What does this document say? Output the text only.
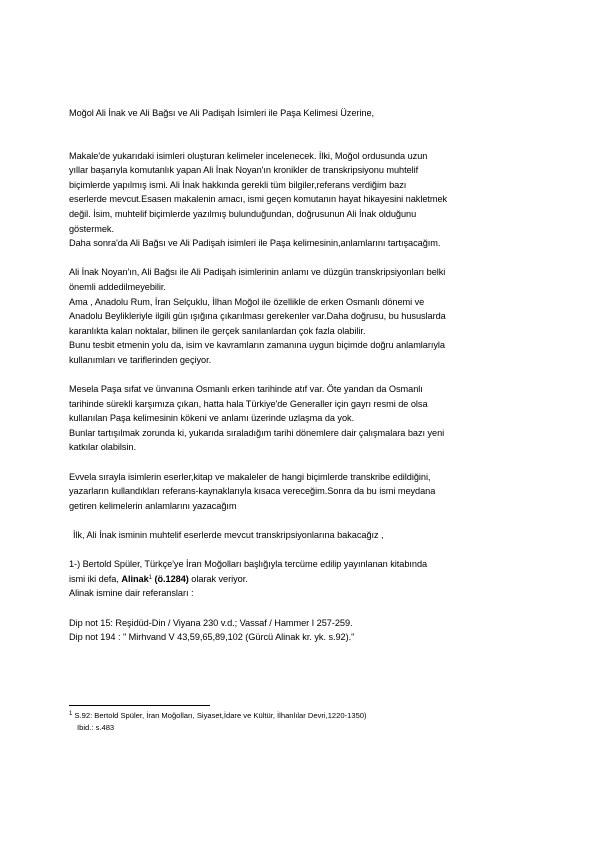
Moğol Ali İnak ve Ali Bağsı ve Ali Padişah İsimleri ile Paşa Kelimesi Üzerine,

Makale'de yukarıdaki isimleri oluşturan kelimeler incelenecek. İlki, Moğol ordusunda uzun

yıllar başarıyla komutanlık yapan Ali İnak Noyan'ın kronikler de transkripsiyonu muhtelif

biçimlerde yapılmış ismi. Ali İnak hakkında gerekli tüm bilgiler,referans verdiğim bazı

eserlerde mevcut.Esasen makalenin amacı, ismi geçen komutanın hayat hikayesini nakletmek

değil. İsim, muhtelif biçimlerde yazılmış bulunduğundan, doğrusunun Ali İnak olduğunu

göstermek.

Daha sonra'da Ali Bağsı ve Ali Padişah isimleri ile Paşa kelimesinin,anlamlarını tartışacağım.

Ali İnak Noyan'ın, Ali Bağsı ile Ali Padişah isimlerinin anlamı ve düzgün transkripsiyonları belki

önemli addedilmeyebilir.

Ama , Anadolu Rum, İran Selçuklu, İlhan Moğol ile özellikle de erken Osmanlı dönemi ve

Anadolu Beylikleriyle ilgili gün ışığına çıkarılması gerekenler var.Daha doğrusu, bu hususlarda

karanlıkta kalan noktalar, bilinen ile gerçek sanılanlardan çok fazla olabilir.

Bunu tesbit etmenin yolu da, isim ve kavramların zamanına uygun biçimde doğru anlamlarıyla

kullanımları ve tariflerinden geçiyor.

Mesela Paşa sıfat ve ünvanına Osmanlı erken tarihinde atıf var. Öte yandan da Osmanlı

tarihinde sürekli karşımıza çıkan, hatta hala Türkiye'de Generaller için gayrı resmi de olsa

kullanılan Paşa kelimesinin kökeni ve anlamı üzerinde uzlaşma da yok.

Bunlar tartışılmak zorunda ki, yukarıda sıraladığım tarihi dönemlere dair çalışmalara bazı yeni

katkılar olabilsin.

Evvela sırayla isimlerin eserler,kitap ve makaleler de hangi biçimlerde transkribe edildiğini,

yazarların kullandıkları referans-kaynaklarıyla kısaca vereceğim.Sonra da bu ismi meydana

getiren kelimelerin anlamlarını yazacağım

İlk, Ali İnak isminin muhtelif eserlerde mevcut transkripsiyonlarına bakacağız ,

1-) Bertold Spüler, Türkçe'ye İran Moğolları başlığıyla tercüme edilip yayınlanan kitabında

ismi iki defa, Alinak$^1$ (ö.1284) olarak veriyor.

Alinak ismine dair referansları :

Dip not 15: Reşidüd-Din / Viyana 230 v.d.; Vassaf / Hammer I 257-259.

Dip not 194 : " Mirhvand V 43,59,65,89,102 (Gürcü Alinak kr. yk. s.92)."

$^1$ S.92: Bertold Spüler, İran Moğolları, Siyaset,İdare ve Kültür, İlhanlılar Devri,1220-1350)
Ibid.: s.483
